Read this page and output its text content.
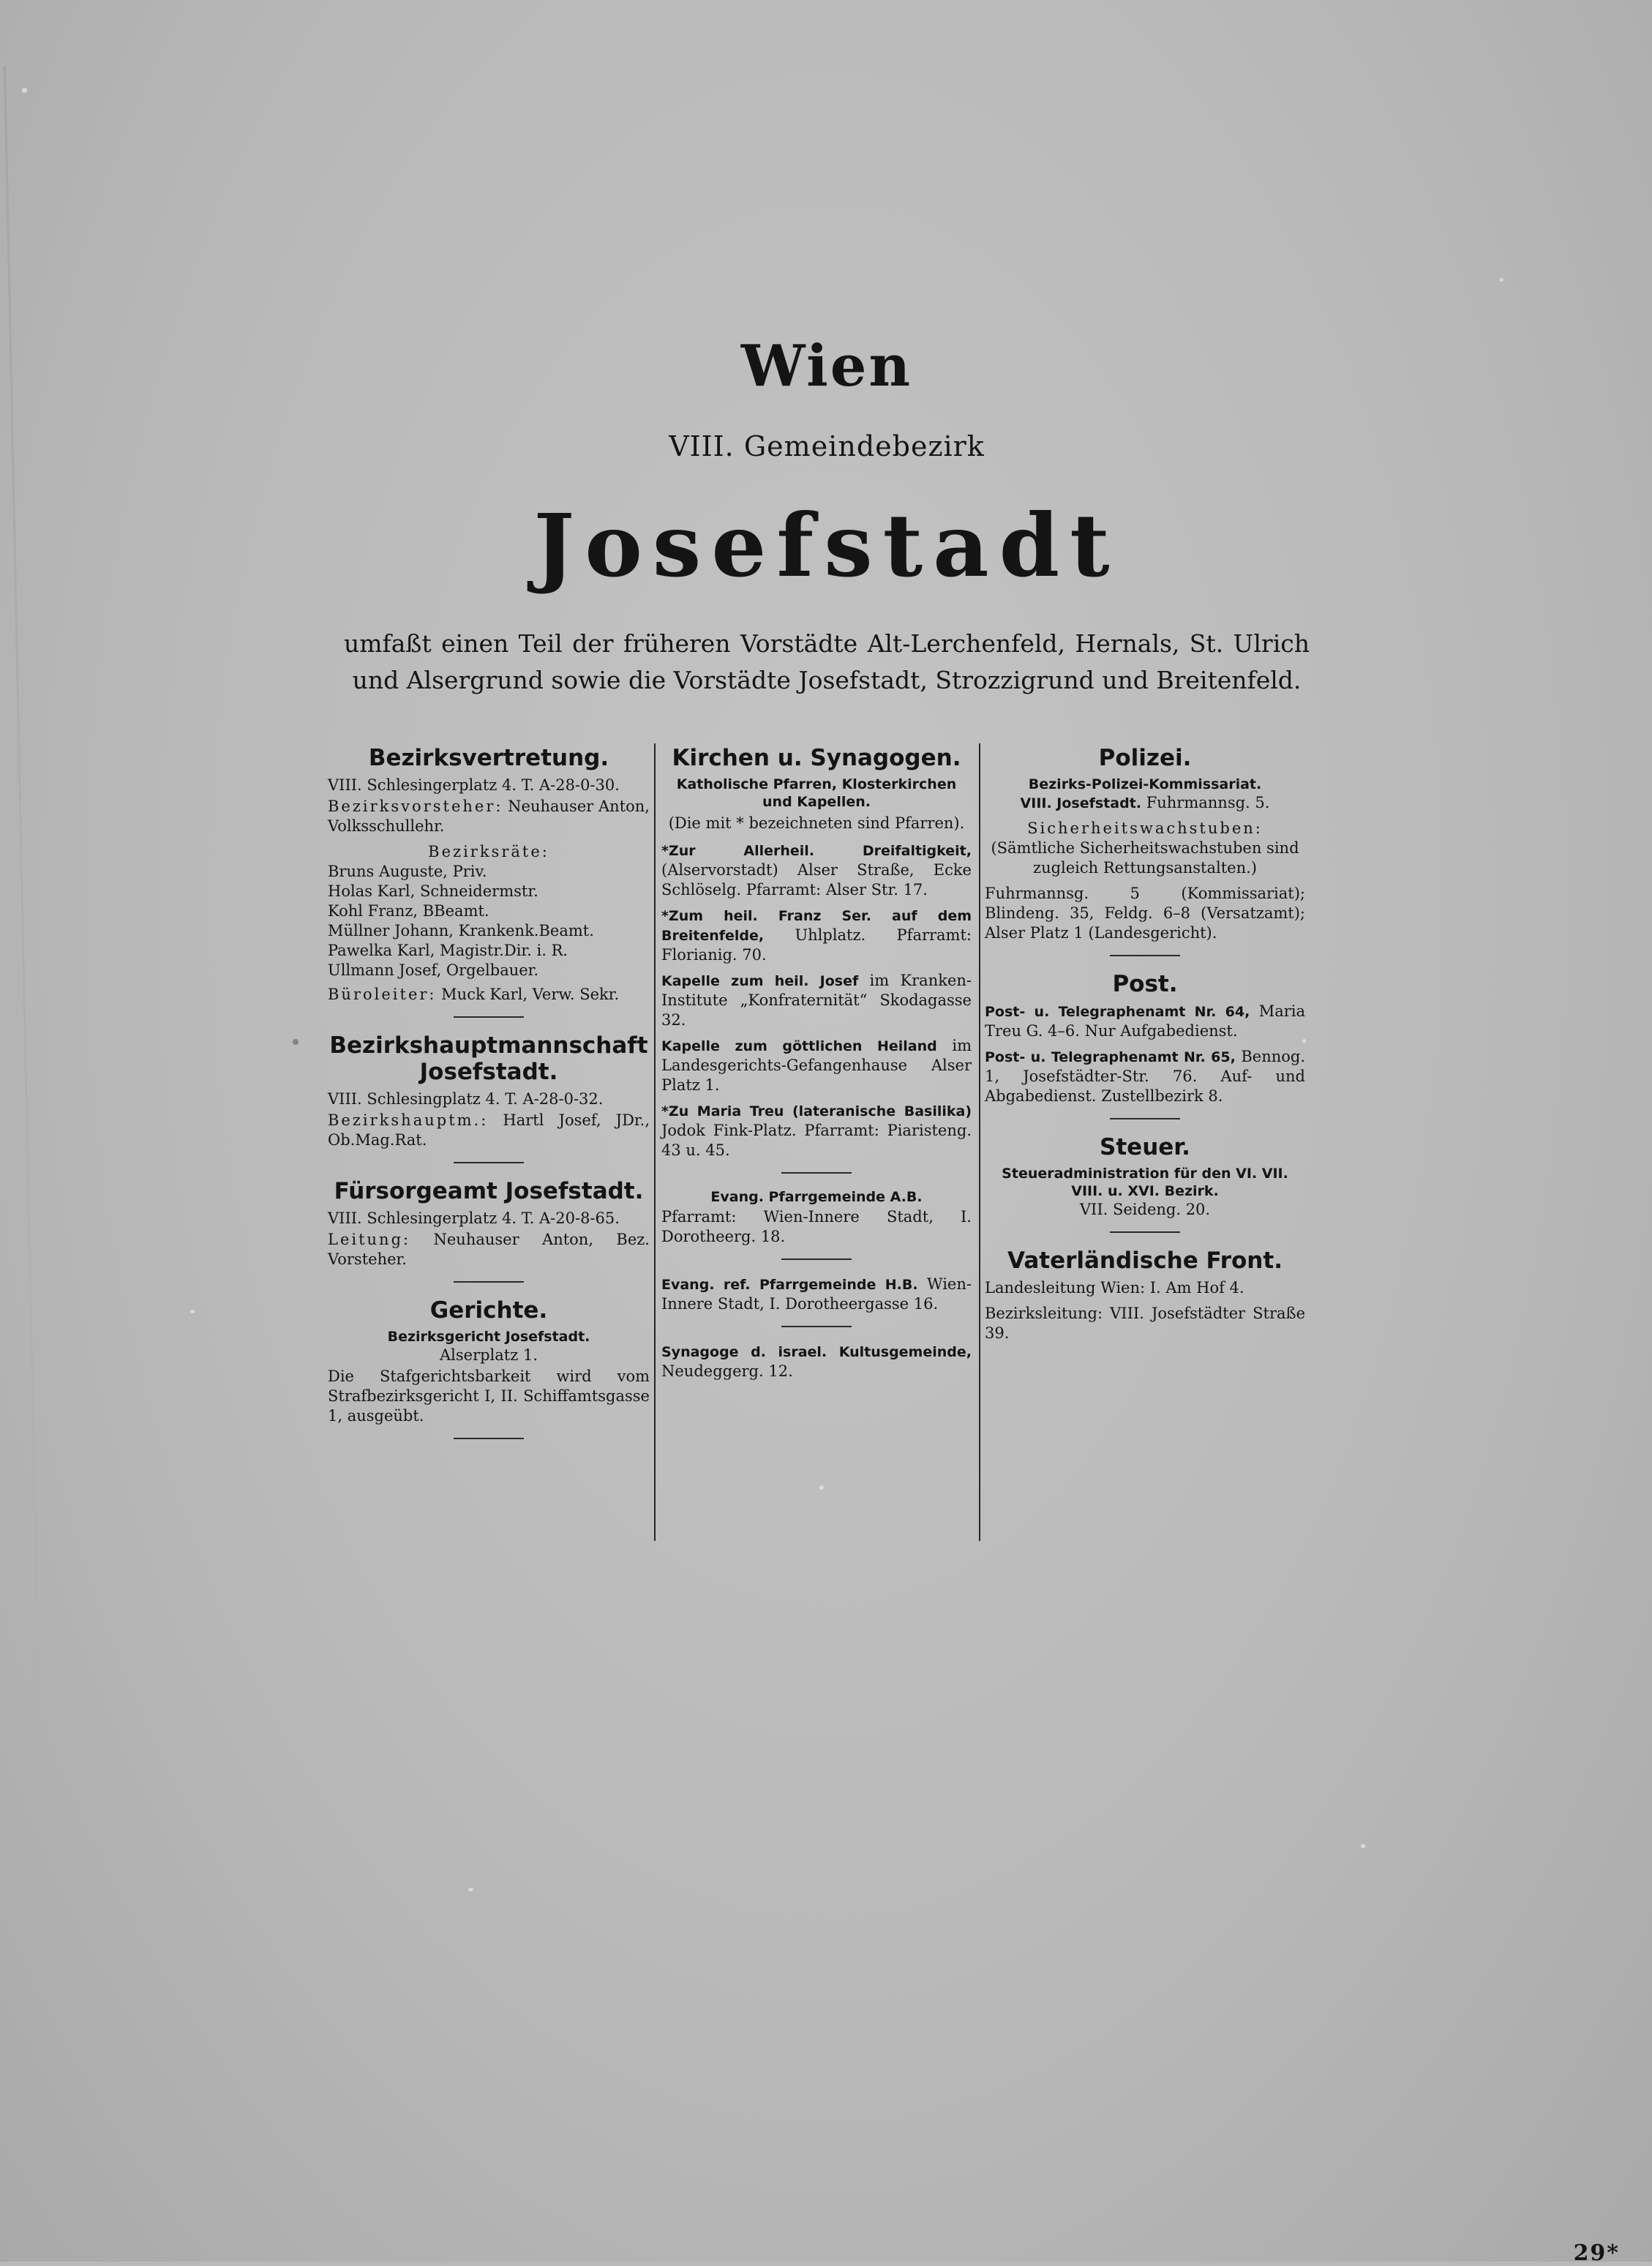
Wien
VIII. Gemeindebezirk
Josefstadt

umfaßt einen Teil der früheren Vorstädte Alt-Lerchenfeld, Hernals, St. Ulrich und Alsergrund sowie die Vorstädte Josefstadt, Strozzigrund und Breitenfeld.

Bezirksvertretung.
VIII. Schlesingerplatz 4. T. A-28-0-30.
Bezirksvorsteher: Neuhauser Anton, Volksschullehr.
Bezirksräte:
Bruns Auguste, Priv.
Holas Karl, Schneidermstr.
Kohl Franz, BBeamt.
Müllner Johann, Krankenk.Beamt.
Pawelka Karl, Magistr.Dir. i. R.
Ullmann Josef, Orgelbauer.
Büroleiter: Muck Karl, Verw. Sekr.
Bezirkshauptmannschaft Josefstadt.
VIII. Schlesingplatz 4. T. A-28-0-32.
Bezirkshauptm.: Hartl Josef, JDr., Ob.Mag.Rat.
Fürsorgeamt Josefstadt.
VIII. Schlesingerplatz 4. T. A-20-8-65.
Leitung: Neuhauser Anton, Bez. Vorsteher.
Gerichte.
Bezirksgericht Josefstadt.
Alserplatz 1.
Die Stafgerichtsbarkeit wird vom Strafbezirksgericht I, II. Schiffamtsgasse 1, ausgeübt.
Kirchen u. Synagogen.
Katholische Pfarren, Klosterkirchen und Kapellen.
(Die mit * bezeichneten sind Pfarren).
*Zur Allerheil. Dreifaltigkeit, (Alservorstadt) Alser Straße, Ecke Schlöselg. Pfarramt: Alser Str. 17.
*Zum heil. Franz Ser. auf dem Breitenfelde, Uhlplatz. Pfarramt: Florianig. 70.
Kapelle zum heil. Josef im Kranken-Institute „Konfraternität“ Skodagasse 32.
Kapelle zum göttlichen Heiland im Landesgerichts-Gefangenhause Alser Platz 1.
*Zu Maria Treu (lateranische Basilika) Jodok Fink-Platz. Pfarramt: Piaristeng. 43 u. 45.
Evang. Pfarrgemeinde A.B.
Pfarramt: Wien-Innere Stadt, I. Dorotheerg. 18.
Evang. ref. Pfarrgemeinde H.B. Wien-Innere Stadt, I. Dorotheergasse 16.
Synagoge d. israel. Kultusgemeinde, Neudeggerg. 12.
Polizei.
Bezirks-Polizei-Kommissariat.
VIII. Josefstadt. Fuhrmannsg. 5.
Sicherheitswachstuben:
(Sämtliche Sicherheitswachstuben sind zugleich Rettungsanstalten.)
Fuhrmannsg. 5 (Kommissariat); Blindeng. 35, Feldg. 6–8 (Versatzamt); Alser Platz 1 (Landesgericht).
Post.
Post- u. Telegraphenamt Nr. 64, Maria Treu G. 4–6. Nur Aufgabedienst.
Post- u. Telegraphenamt Nr. 65, Bennog. 1, Josefstädter-Str. 76. Auf- und Abgabedienst. Zustellbezirk 8.
Steuer.
Steueradministration für den VI. VII. VIII. u. XVI. Bezirk.
VII. Seideng. 20.
Vaterländische Front.
Landesleitung Wien: I. Am Hof 4.
Bezirksleitung: VIII. Josefstädter Straße 39.
29*
